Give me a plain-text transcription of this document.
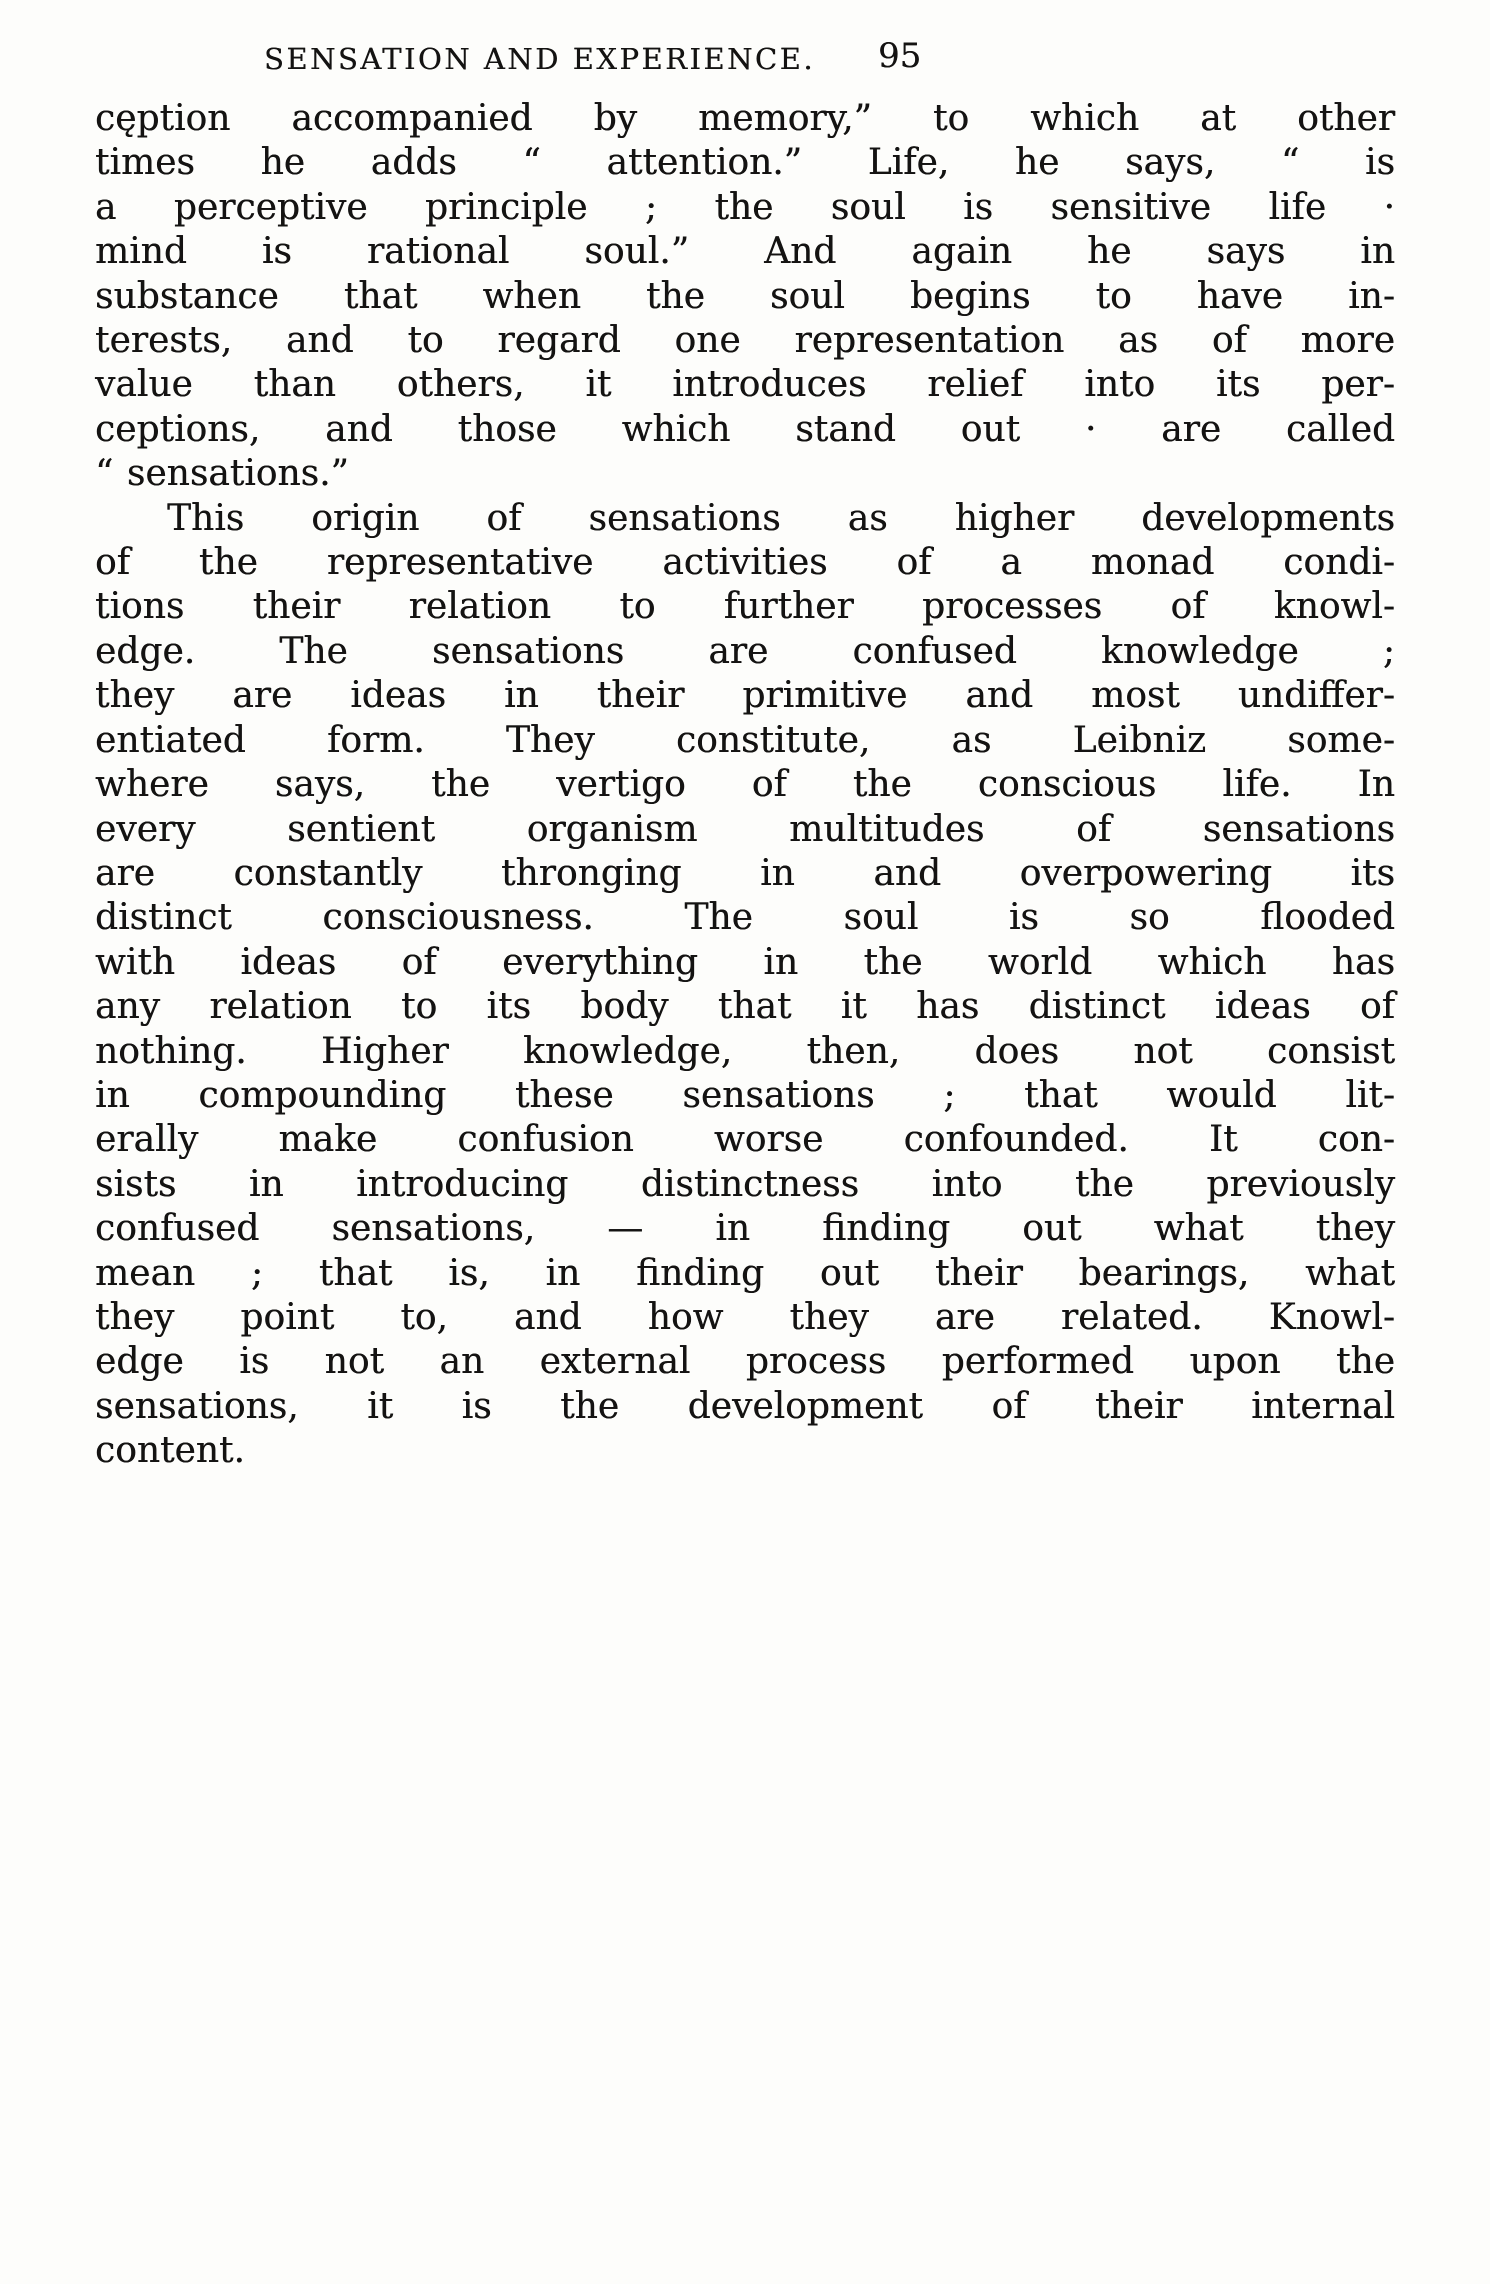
SENSATION AND EXPERIENCE. 95
cęption accompanied by memory,” to which at other
times he adds “ attention.” Life, he says, “ is
a perceptive principle ; the soul is sensitive life ·
mind is rational soul.” And again he says in
substance that when the soul begins to have in-
terests, and to regard one representation as of more
value than others, it introduces relief into its per-
ceptions, and those which stand out · are called
“ sensations.”
This origin of sensations as higher developments
of the representative activities of a monad condi-
tions their relation to further processes of knowl-
edge. The sensations are confused knowledge ;
they are ideas in their primitive and most undiffer-
entiated form. They constitute, as Leibniz some-
where says, the vertigo of the conscious life. In
every sentient organism multitudes of sensations
are constantly thronging in and overpowering its
distinct consciousness. The soul is so flooded
with ideas of everything in the world which has
any relation to its body that it has distinct ideas of
nothing. Higher knowledge, then, does not consist
in compounding these sensations ; that would lit-
erally make confusion worse confounded. It con-
sists in introducing distinctness into the previously
confused sensations, — in finding out what they
mean ; that is, in finding out their bearings, what
they point to, and how they are related. Knowl-
edge is not an external process performed upon the
sensations, it is the development of their internal
content.
